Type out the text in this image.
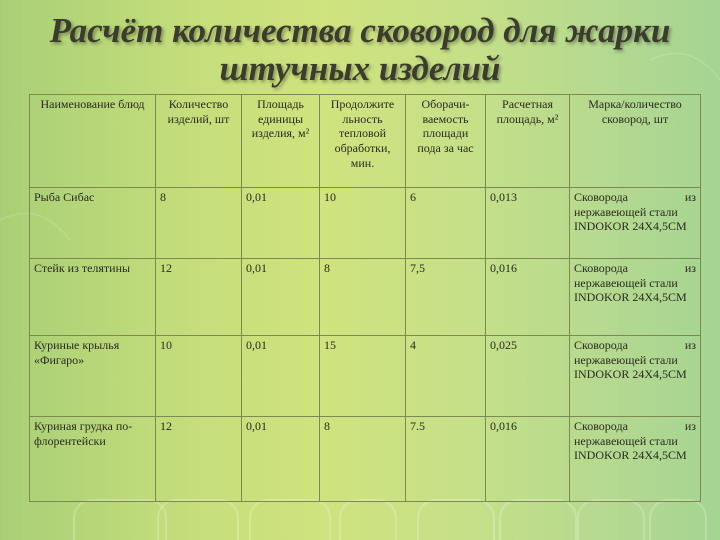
Расчёт количества сковород для жарки штучных изделий
Наименование блюд	Количество изделий, шт	Площадь единицы изделия, м²	Продолжите льность тепловой обработки, мин.	Оборачи- ваемость площади пода за час	Расчетная площадь, м²	Марка/количество сковород, шт
Рыба Сибас	8	0,01	10	6	0,013	Сковорода из
нержавеющей стали INDOKOR 24X4,5CM
Стейк из телятины	12	0,01	8	7,5	0,016	Сковорода из
нержавеющей стали INDOKOR 24X4,5CM
Куриные крылья «Фигаро»	10	0,01	15	4	0,025	Сковорода из
нержавеющей стали INDOKOR 24X4,5CM
Куриная грудка по-флорентейски	12	0,01	8	7.5	0,016	Сковорода из
нержавеющей стали INDOKOR 24X4,5CM
